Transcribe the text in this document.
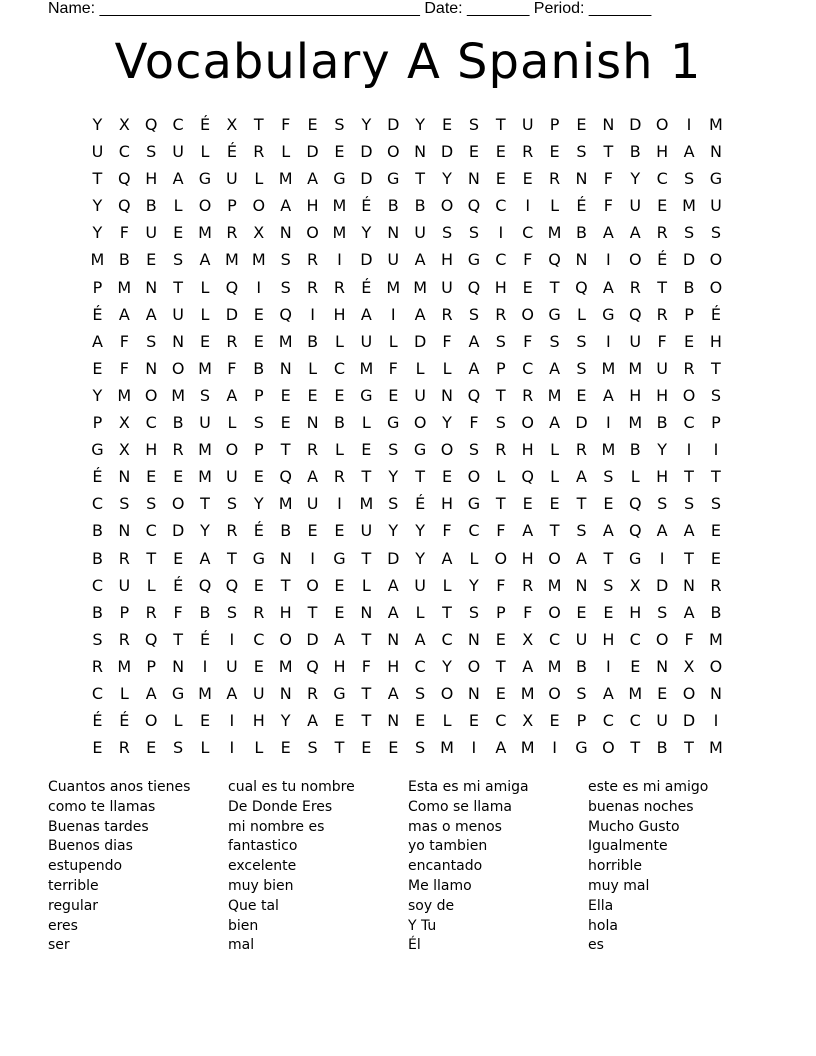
Name: ____________________________________ Date: _______ Period: _______
Vocabulary A Spanish 1
Y	X Q C	É	X	T	F	E	S	Y D Y	E	S	T	U	P	E N D O	I	M
U C	S U	L	É	R	L	D E D O N D E	E	R	E	S	T	B H A N
T Q H A G U	L M A G D G T	Y	N E	E	R N	F	Y	C	S G
Y Q B	L	O P O A H M É	B B O Q C	I	L	É	F	U E M U
Y	F	U E M R X N O M Y	N U S	S	I	C M B A A R	S	S
M B	E	S	A M M S	R	I	D U A H G C	F Q N	I	O É D O
P M N	T	L	Q	I	S	R R	É M M U Q H E	T Q A R	T	B O
É	A A U	L	D E Q	I	H A	I	A R	S	R O G	L	G Q R	P	É
A	F	S N E	R	E M B	L	U	L	D	F	A	S	F	S	S	I	U	F	E H
E	F	N O M F	B N	L	C M F	L	L	A	P	C A	S M M U R	T
Y M O M S	A	P	E	E	E G E U N Q T	R M E	A H H O S
P	X C B U	L	S	E N B	L	G O Y	F	S O A D	I	M B C	P
G X H R M O P	T	R	L	E	S G O S	R H	L	R M B	Y	I	I
É N E	E M U E Q A R	T	Y	T	E O	L	Q	L	A	S	L	H T	T
C	S	S O T	S	Y M U	I	M S	É H G T	E	E	T	E Q S	S	S
B N C D Y	R	É	B	E	E U	Y	Y	F	C	F	A	T	S	A Q A A	E
B R	T	E	A	T G N	I	G T D Y	A	L	O H O A	T G	I	T	E
C U	L	É Q Q E	T O E	L	A U	L	Y	F	R M N S	X D N R
B	P	R	F	B	S	R H T	E N A	L	T	S	P	F O E	E H S	A B
S	R Q T	É	I	C O D A	T	N A C N E	X C U H C O	F M
R M P	N	I	U E M Q H	F	H C	Y O T	A M B	I	E N X O
C	L	A G M A U N R G T	A	S O N E M O S	A M E O N
É	É O	L	E	I	H Y	A	E	T	N E	L	E	C X	E	P	C C U D	I
E	R	E	S	L	I	L	E	S	T	E	E	S M	I	A M	I	G O T	B	T M
Cuantos anos tienes
como te llamas
Buenas tardes
Buenos dias
estupendo
terrible
regular
eres
ser
cual es tu nombre
De Donde Eres
mi nombre es
fantastico
excelente
muy bien
Que tal
bien
mal
Esta es mi amiga
Como se llama
mas o menos
yo tambien
encantado
Me llamo
soy de
Y Tu
Él
este es mi amigo
buenas noches
Mucho Gusto
Igualmente
horrible
muy mal
Ella
hola
es
